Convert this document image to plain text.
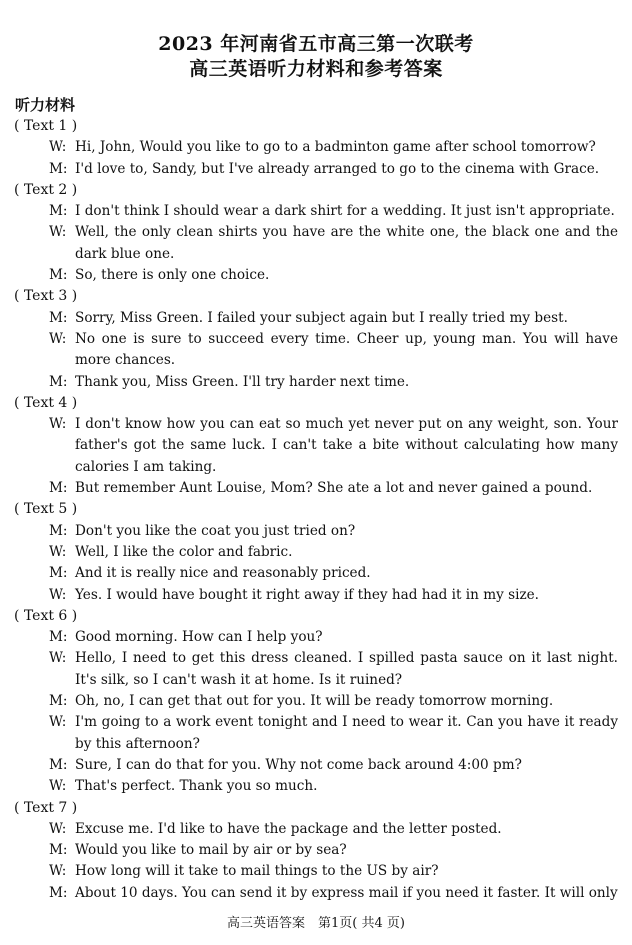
2023 年河南省五市高三第一次联考
高三英语听力材料和参考答案
听力材料
( Text 1 )
W: Hi, John, Would you like to go to a badminton game after school tomorrow?
M: I'd love to, Sandy, but I've already arranged to go to the cinema with Grace.
( Text 2 )
M: I don't think I should wear a dark shirt for a wedding. It just isn't appropriate.
W: Well, the only clean shirts you have are the white one, the black one and the dark blue one.
M: So, there is only one choice.
( Text 3 )
M: Sorry, Miss Green. I failed your subject again but I really tried my best.
W: No one is sure to succeed every time. Cheer up, young man. You will have more chances.
M: Thank you, Miss Green. I'll try harder next time.
( Text 4 )
W: I don't know how you can eat so much yet never put on any weight, son. Your father's got the same luck. I can't take a bite without calculating how many calories I am taking.
M: But remember Aunt Louise, Mom? She ate a lot and never gained a pound.
( Text 5 )
M: Don't you like the coat you just tried on?
W: Well, I like the color and fabric.
M: And it is really nice and reasonably priced.
W: Yes. I would have bought it right away if they had had it in my size.
( Text 6 )
M: Good morning. How can I help you?
W: Hello, I need to get this dress cleaned. I spilled pasta sauce on it last night. It's silk, so I can't wash it at home. Is it ruined?
M: Oh, no, I can get that out for you. It will be ready tomorrow morning.
W: I'm going to a work event tonight and I need to wear it. Can you have it ready by this afternoon?
M: Sure, I can do that for you. Why not come back around 4:00 pm?
W: That's perfect. Thank you so much.
( Text 7 )
W: Excuse me. I'd like to have the package and the letter posted.
M: Would you like to mail by air or by sea?
W: How long will it take to mail things to the US by air?
M: About 10 days. You can send it by express mail if you need it faster. It will only
高三英语答案　第1页( 共4 页)
